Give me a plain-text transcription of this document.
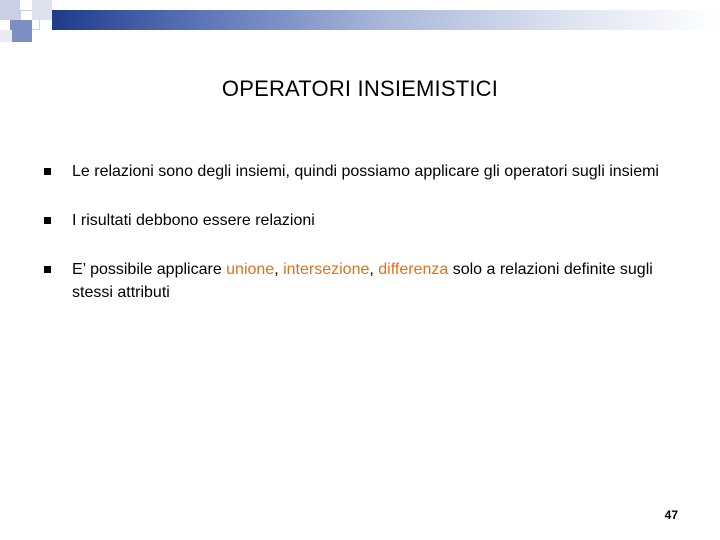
OPERATORI INSIEMISTICI
Le relazioni sono degli insiemi, quindi possiamo applicare gli operatori sugli insiemi
I risultati debbono essere relazioni
E’ possibile applicare unione, intersezione, differenza solo a relazioni definite sugli stessi attributi
47
